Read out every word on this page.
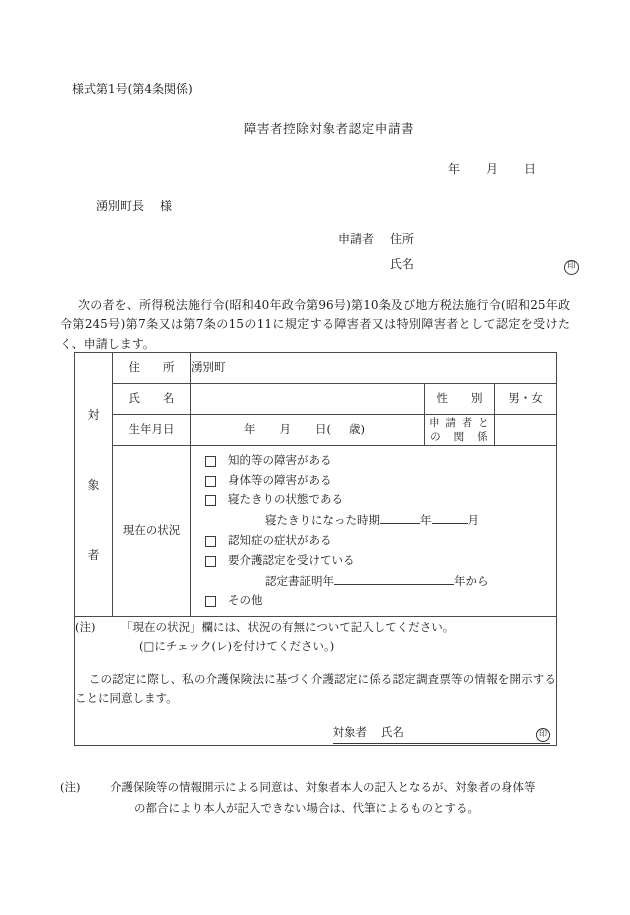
様式第1号(第4条関係)
障害者控除対象者認定申請書
年 月 日
湧別町長 様
申請者	住所
氏名	印
次の者を、所得税法施行令(昭和40年政令第96号)第10条及び地方税法施行令(昭和25年政令第245号)第7条又は第7条の15の11に規定する障害者又は特別障害者として認定を受けたく、申請します。
対
象
者	住　　所	湧別町		
	氏　　名		性　　別	男・女
	生年月日	年 月 日( 歳)	申 請 者 と
の　関　係	

現在の状況	
知的等の障害がある
身体等の障害がある
寝たきりの状態である
寝たきりになった時期	年	月
認知症の症状がある
要介護認定を受けている
認定書証明年	年から
その他

(注)	「現在の状況」欄には、状況の有無について記入してください。
(□にチェック(レ)を付けてください。)
この認定に際し、私の介護保険法に基づく介護認定に係る認定調査票等の情報を開示することに同意します。
対象者 氏名	印
(注)	介護保険等の情報開示による同意は、対象者本人の記入となるが、対象者の身体等
の都合により本人が記入できない場合は、代筆によるものとする。
